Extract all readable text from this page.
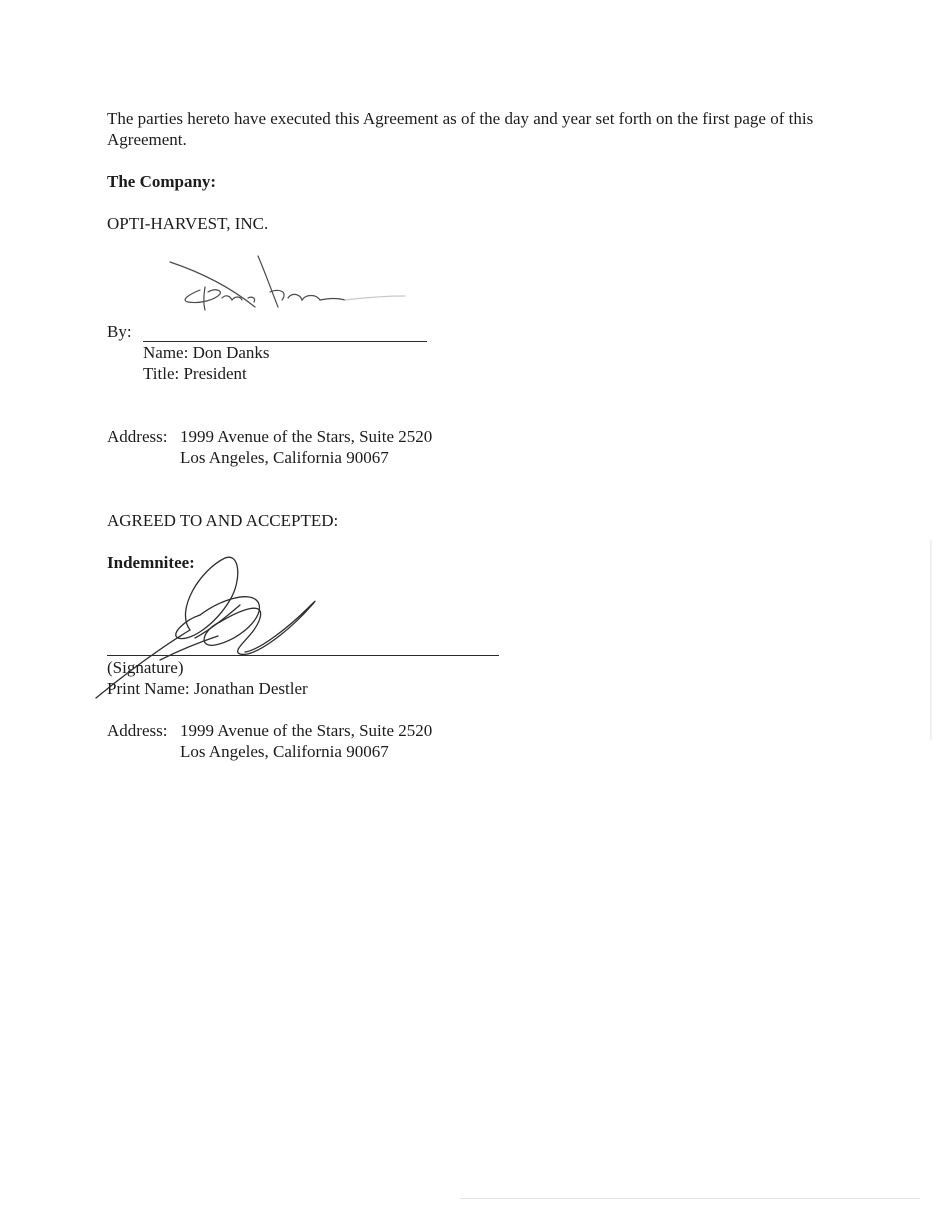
The parties hereto have executed this Agreement as of the day and year set forth on the first page of this Agreement.
The Company:
OPTI-HARVEST, INC.
By:
Name: Don Danks
Title: President
Address: 1999 Avenue of the Stars, Suite 2520
Los Angeles, California 90067
AGREED TO AND ACCEPTED:
Indemnitee:
(Signature)
Print Name: Jonathan Destler
Address: 1999 Avenue of the Stars, Suite 2520
Los Angeles, California 90067
